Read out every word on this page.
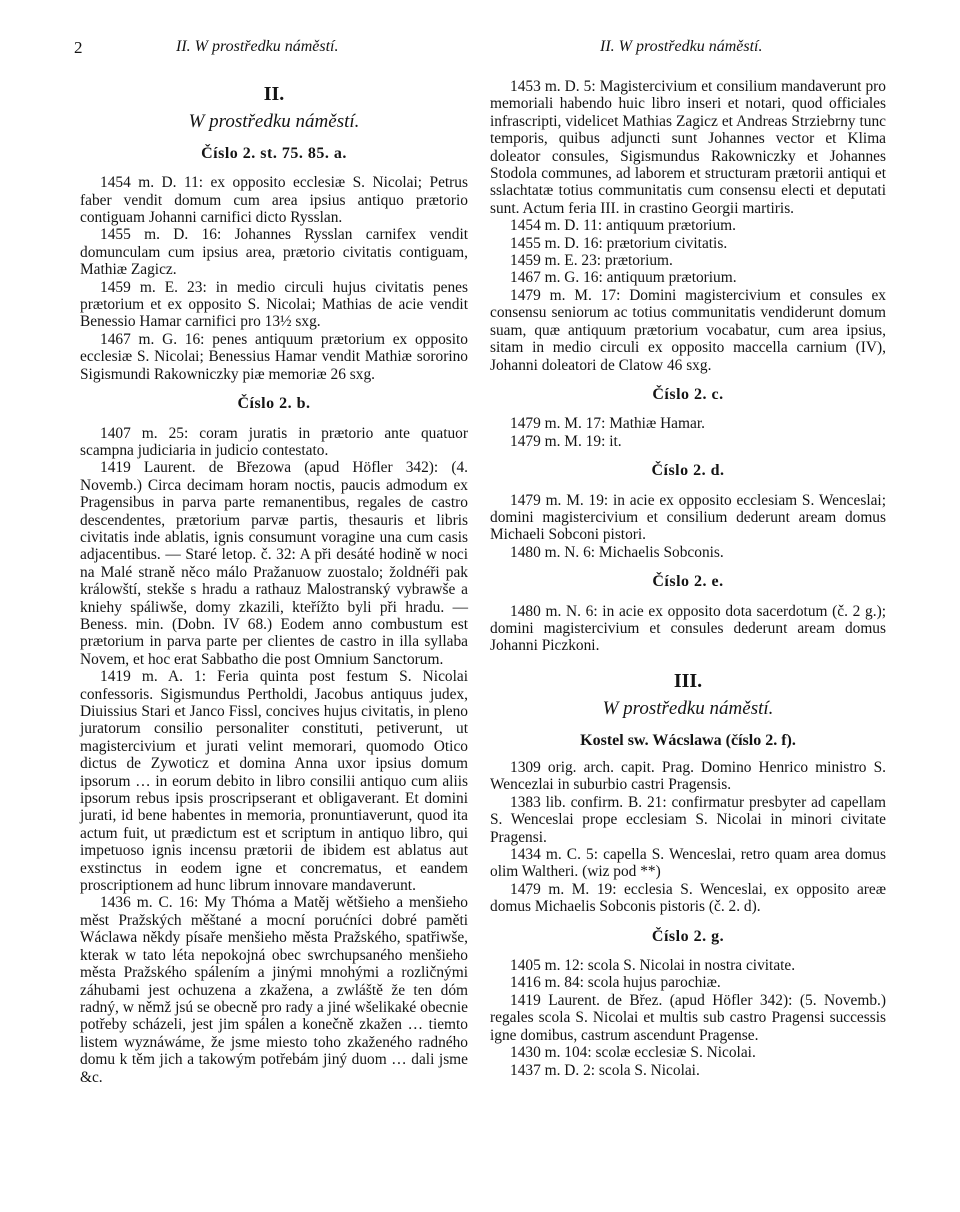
2	II. W prostředku náměstí.	II. W prostředku náměstí.
II.
W prostředku náměstí.
Číslo 2. st. 75. 85. a.

1454 m. D. 11: ex opposito ecclesiæ S. Nicolai; Petrus faber vendit domum cum area ipsius antiquo prætorio contiguam Johanni carnifici dicto Rysslan.

1455 m. D. 16: Johannes Rysslan carnifex vendit domunculam cum ipsius area, prætorio civitatis contiguam, Mathiæ Zagicz.

1459 m. E. 23: in medio circuli hujus civitatis penes prætorium et ex opposito S. Nicolai; Mathias de acie vendit Benessio Hamar carnifici pro 13½ sxg.

1467 m. G. 16: penes antiquum prætorium ex opposito ecclesiæ S. Nicolai; Benessius Hamar vendit Mathiæ sororino Sigismundi Rakowniczky piæ memoriæ 26 sxg.

Číslo 2. b.

1407 m. 25: coram juratis in prætorio ante quatuor scampna judiciaria in judicio contestato.

1419 Laurent. de Březowa (apud Höfler 342): (4. Novemb.) Circa decimam horam noctis, paucis admodum ex Pragensibus in parva parte remanentibus, regales de castro descendentes, prætorium parvæ partis, thesauris et libris civitatis inde ablatis, ignis consumunt voragine una cum casis adjacentibus. — Staré letop. č. 32: A při desáté hodině w noci na Malé straně něco málo Pražanuow zuostalo; žoldnéři pak králowští, stekše s hradu a rathauz Malostranský vybrawše a kniehy spáliwše, domy zkazili, kteřížto byli při hradu. — Beness. min. (Dobn. IV 68.) Eodem anno combustum est prætorium in parva parte per clientes de castro in illa syllaba Novem, et hoc erat Sabbatho die post Omnium Sanctorum.

1419 m. A. 1: Feria quinta post festum S. Nicolai confessoris. Sigismundus Pertholdi, Jacobus antiquus judex, Diuissius Stari et Janco Fissl, concives hujus civitatis, in pleno juratorum consilio personaliter constituti, petiverunt, ut magistercivium et jurati velint memorari, quomodo Otico dictus de Zywoticz et domina Anna uxor ipsius domum ipsorum … in eorum debito in libro consilii antiquo cum aliis ipsorum rebus ipsis proscripserant et obligaverant. Et domini jurati, id bene habentes in memoria, pronuntiaverunt, quod ita actum fuit, ut prædictum est et scriptum in antiquo libro, qui impetuoso ignis incensu prætorii de ibidem est ablatus aut exstinctus in eodem igne et concrematus, et eandem proscriptionem ad hunc librum innovare mandaverunt.

1436 m. C. 16: My Thóma a Matěj wětšieho a menšieho měst Pražských měštané a mocní porućníci dobré paměti Wáclawa někdy písaře menšieho města Pražského, spatřiwše, kterak w tato léta nepokojná obec swrchupsaného menšieho města Pražského spálením a jinými mnohými a rozličnými záhubami jest ochuzena a zkažena, a zwláště že ten dóm radný, w němž jsú se obecně pro rady a jiné wšelikaké obecnie potřeby scházeli, jest jim spálen a konečně zkažen … tiemto listem wyznáwáme, že jsme miesto toho zkaženého radného domu k těm jich a takowým potřebám jiný duom … dali jsme &c.

1453 m. D. 5: Magistercivium et consilium mandaverunt pro memoriali habendo huic libro inseri et notari, quod officiales infrascripti, videlicet Mathias Zagicz et Andreas Strziebrny tunc temporis, quibus adjuncti sunt Johannes vector et Klima doleator consules, Sigismundus Rakowniczky et Johannes Stodola communes, ad laborem et structuram prætorii antiqui et sslachtatæ totius communitatis cum consensu electi et deputati sunt. Actum feria III. in crastino Georgii martiris.

1454 m. D. 11: antiquum prætorium.

1455 m. D. 16: prætorium civitatis.

1459 m. E. 23: prætorium.

1467 m. G. 16: antiquum prætorium.

1479 m. M. 17: Domini magistercivium et consules ex consensu seniorum ac totius communitatis vendiderunt domum suam, quæ antiquum prætorium vocabatur, cum area ipsius, sitam in medio circuli ex opposito maccella carnium (IV), Johanni doleatori de Clatow 46 sxg.

Číslo 2. c.

1479 m. M. 17: Mathiæ Hamar.

1479 m. M. 19: it.

Číslo 2. d.

1479 m. M. 19: in acie ex opposito ecclesiam S. Wenceslai; domini magistercivium et consilium dederunt aream domus Michaeli Sobconi pistori.

1480 m. N. 6: Michaelis Sobconis.

Číslo 2. e.

1480 m. N. 6: in acie ex opposito dota sacerdotum (č. 2 g.); domini magistercivium et consules dederunt aream domus Johanni Piczkoni.

III.
W prostředku náměstí.
Kostel sw. Wácslawa (číslo 2. f).

1309 orig. arch. capit. Prag. Domino Henrico ministro S. Wencezlai in suburbio castri Pragensis.

1383 lib. confirm. B. 21: confirmatur presbyter ad capellam S. Wenceslai prope ecclesiam S. Nicolai in minori civitate Pragensi.

1434 m. C. 5: capella S. Wenceslai, retro quam area domus olim Waltheri. (wiz pod **)

1479 m. M. 19: ecclesia S. Wenceslai, ex opposito areæ domus Michaelis Sobconis pistoris (č. 2. d).

Číslo 2. g.

1405 m. 12: scola S. Nicolai in nostra civitate.

1416 m. 84: scola hujus parochiæ.

1419 Laurent. de Břez. (apud Höfler 342): (5. Novemb.) regales scola S. Nicolai et multis sub castro Pragensi successis igne domibus, castrum ascendunt Pragense.

1430 m. 104: scolæ ecclesiæ S. Nicolai.

1437 m. D. 2: scola S. Nicolai.
